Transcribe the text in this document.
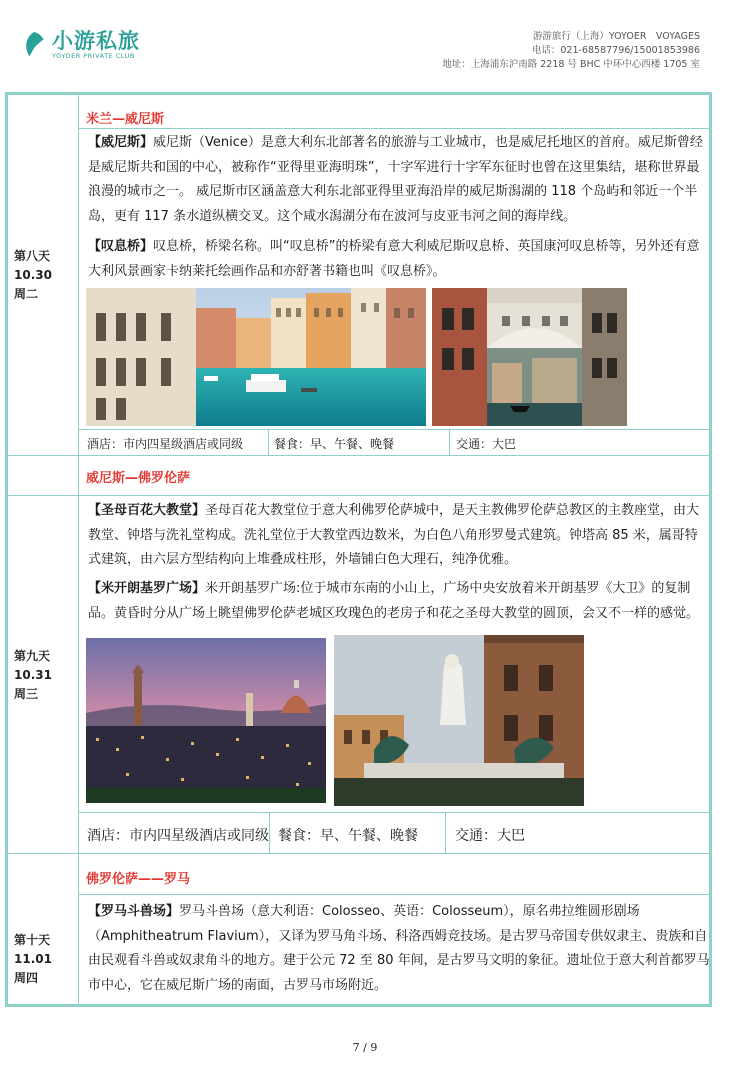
小游私旅
YOYOER PRIVATE CLUB
游游旅行（上海）YOYOER　VOYAGES
电话：021-68587796/15001853986
地址：上海浦东沪南路 2218 号 BHC 中环中心西楼 1705 室
米兰—威尼斯
第八天
10.30
周二
【威尼斯】威尼斯（Venice）是意大利东北部著名的旅游与工业城市，也是威尼托地区的首府。威尼斯曾经是威尼斯共和国的中心，被称作“亚得里亚海明珠”，十字军进行十字军东征时也曾在这里集结，堪称世界最浪漫的城市之一。 威尼斯市区涵盖意大利东北部亚得里亚海沿岸的威尼斯潟湖的 118 个岛屿和邻近一个半岛，更有 117 条水道纵横交叉。这个咸水潟湖分布在波河与皮亚韦河之间的海岸线。
【叹息桥】叹息桥，桥梁名称。叫“叹息桥”的桥梁有意大利威尼斯叹息桥、英国康河叹息桥等，另外还有意大利风景画家卡纳莱托绘画作品和亦舒著书籍也叫《叹息桥》。
酒店：市内四星级酒店或同级	餐食：早、午餐、晚餐	交通：大巴
威尼斯—佛罗伦萨
第九天
10.31
周三
【圣母百花大教堂】圣母百花大教堂位于意大利佛罗伦萨城中，是天主教佛罗伦萨总教区的主教座堂，由大教堂、钟塔与洗礼堂构成。洗礼堂位于大教堂西边数米，为白色八角形罗曼式建筑。钟塔高 85 米，属哥特式建筑，由六层方型结构向上堆叠成柱形，外墙铺白色大理石，纯净优雅。
【米开朗基罗广场】米开朗基罗广场:位于城市东南的小山上，广场中央安放着米开朗基罗《大卫》的复制品。黄昏时分从广场上眺望佛罗伦萨老城区玫瑰色的老房子和花之圣母大教堂的圆顶，会又不一样的感觉。
酒店：市内四星级酒店或同级 餐食：早、午餐、晚餐	交通：大巴
佛罗伦萨——罗马
第十天
11.01
周四
【罗马斗兽场】罗马斗兽场（意大利语：Colosseo、英语：Colosseum），原名弗拉维圆形剧场（Amphitheatrum Flavium），又译为罗马角斗场、科洛西姆竞技场。是古罗马帝国专供奴隶主、贵族和自由民观看斗兽或奴隶角斗的地方。建于公元 72 至 80 年间，是古罗马文明的象征。遗址位于意大利首都罗马市中心，它在威尼斯广场的南面，古罗马市场附近。
7 / 9
